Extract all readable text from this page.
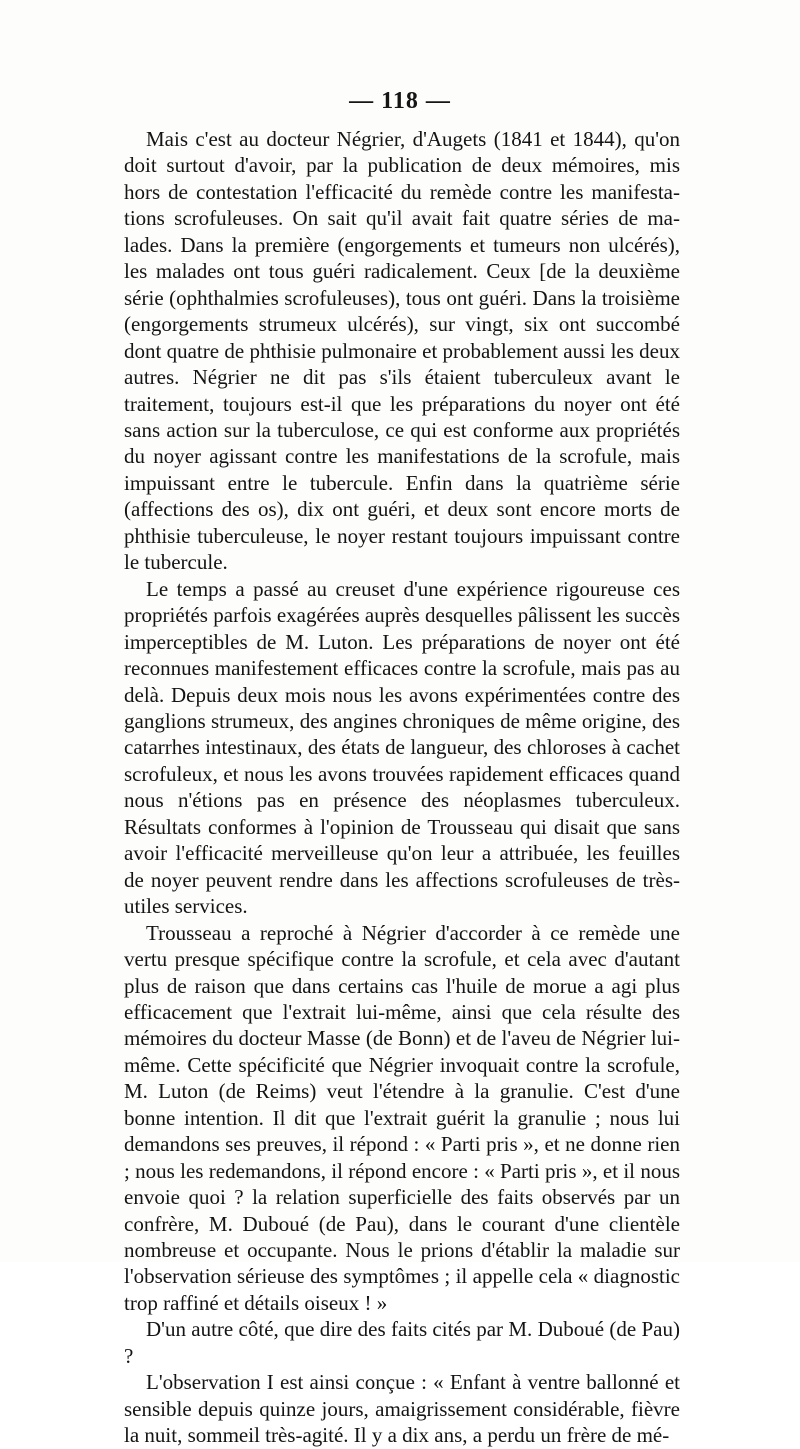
— 118 —

Mais c'est au docteur Négrier, d'Augets (1841 et 1844), qu'on doit surtout d'avoir, par la publication de deux mémoires, mis hors de contestation l'efficacité du remède contre les manifestations scrofuleuses. On sait qu'il avait fait quatre séries de malades. Dans la première (engorgements et tumeurs non ulcérés), les malades ont tous guéri radicalement. Ceux [de la deuxième série (ophthalmies scrofuleuses), tous ont guéri. Dans la troisième (engorgements strumeux ulcérés), sur vingt, six ont succombé dont quatre de phthisie pulmonaire et probablement aussi les deux autres. Négrier ne dit pas s'ils étaient tuberculeux avant le traitement, toujours est-il que les préparations du noyer ont été sans action sur la tuberculose, ce qui est conforme aux propriétés du noyer agissant contre les manifestations de la scrofule, mais impuissant entre le tubercule. Enfin dans la quatrième série (affections des os), dix ont guéri, et deux sont encore morts de phthisie tuberculeuse, le noyer restant toujours impuissant contre le tubercule.

Le temps a passé au creuset d'une expérience rigoureuse ces propriétés parfois exagérées auprès desquelles pâlissent les succès imperceptibles de M. Luton. Les préparations de noyer ont été reconnues manifestement efficaces contre la scrofule, mais pas au delà. Depuis deux mois nous les avons expérimentées contre des ganglions strumeux, des angines chroniques de même origine, des catarrhes intestinaux, des états de langueur, des chloroses à cachet scrofuleux, et nous les avons trouvées rapidement efficaces quand nous n'étions pas en présence des néoplasmes tuberculeux. Résultats conformes à l'opinion de Trousseau qui disait que sans avoir l'efficacité merveilleuse qu'on leur a attribuée, les feuilles de noyer peuvent rendre dans les affections scrofuleuses de très-utiles services.

Trousseau a reproché à Négrier d'accorder à ce remède une vertu presque spécifique contre la scrofule, et cela avec d'autant plus de raison que dans certains cas l'huile de morue a agi plus efficacement que l'extrait lui-même, ainsi que cela résulte des mémoires du docteur Masse (de Bonn) et de l'aveu de Négrier lui-même. Cette spécificité que Négrier invoquait contre la scrofule, M. Luton (de Reims) veut l'étendre à la granulie. C'est d'une bonne intention. Il dit que l'extrait guérit la granulie ; nous lui demandons ses preuves, il répond : « Parti pris », et ne donne rien ; nous les redemandons, il répond encore : « Parti pris », et il nous envoie quoi ? la relation superficielle des faits observés par un confrère, M. Duboué (de Pau), dans le courant d'une clientèle nombreuse et occupante. Nous le prions d'établir la maladie sur l'observation sérieuse des symptômes ; il appelle cela « diagnostic trop raffiné et détails oiseux ! »

D'un autre côté, que dire des faits cités par M. Duboué (de Pau) ?

L'observation I est ainsi conçue : « Enfant à ventre ballonné et sensible depuis quinze jours, amaigrissement considérable, fièvre la nuit, sommeil très-agité. Il y a dix ans, a perdu un frère de mé-
